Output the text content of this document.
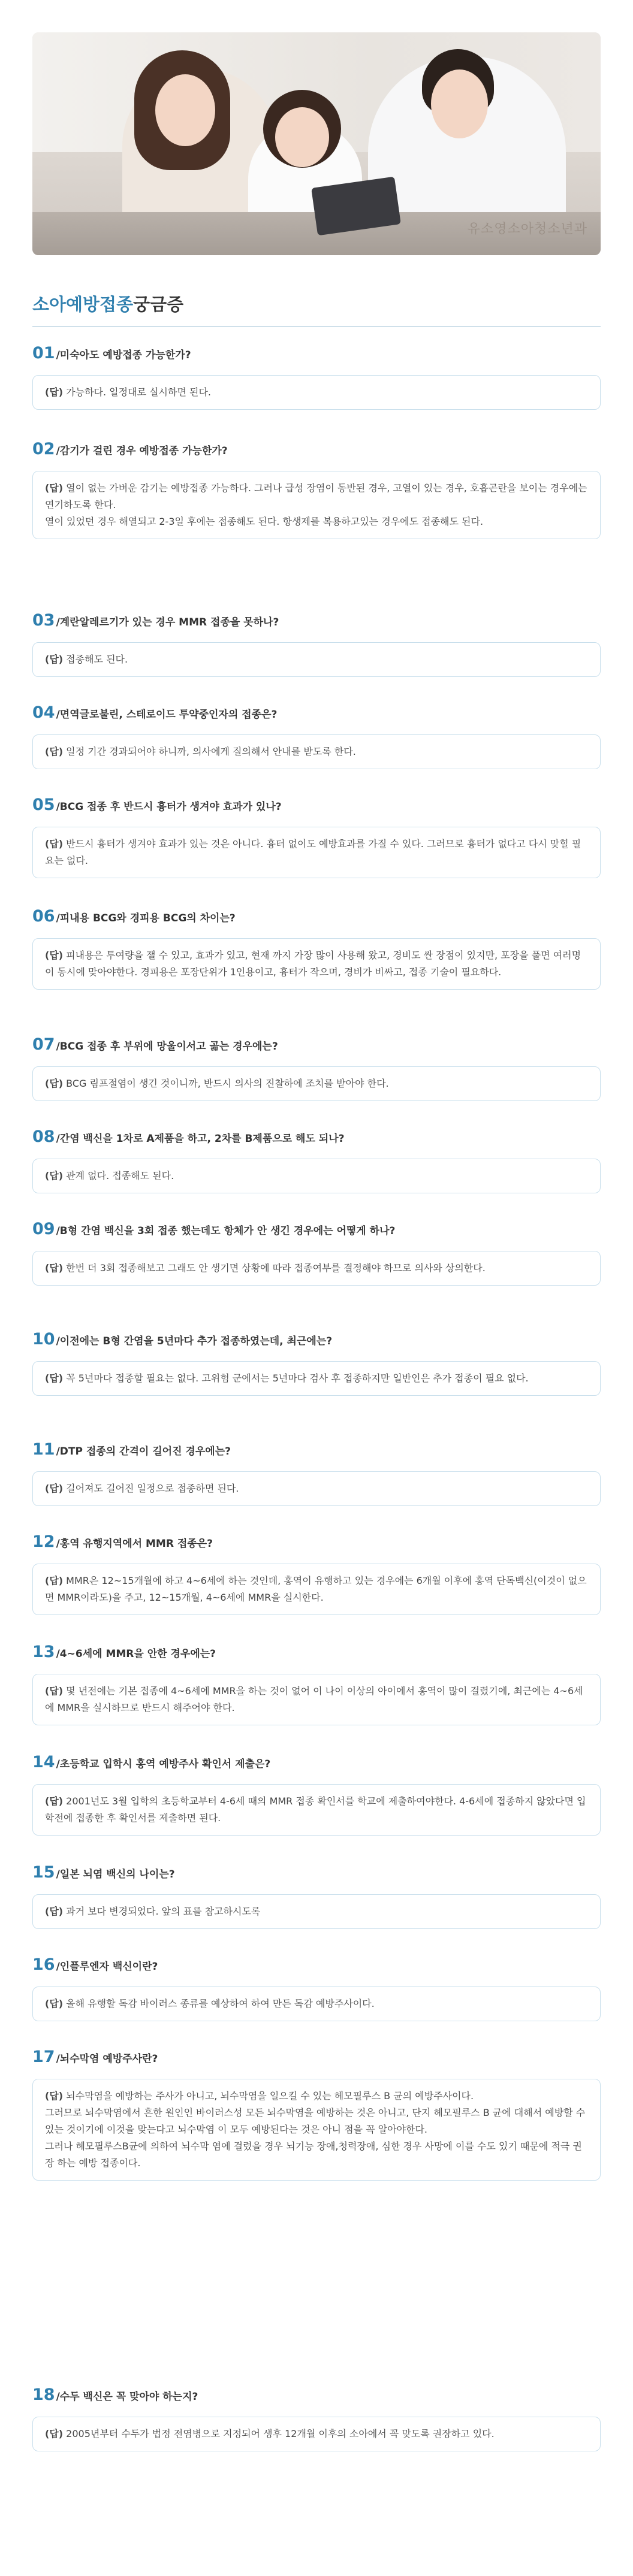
유소영소아청소년과
소아예방접종궁금증
01 /미숙아도 예방접종 가능한가?
(답) 가능하다. 일정대로 실시하면 된다.
02 /감기가 걸린 경우 예방접종 가능한가?
(답) 열이 없는 가벼운 감기는 예방접종 가능하다. 그러나 급성 장염이 동반된 경우, 고열이 있는 경우, 호흡곤란을 보이는 경우에는 연기하도록 한다.
열이 있었던 경우 해열되고 2-3일 후에는 접종해도 된다. 항생제를 복용하고있는 경우에도 접종해도 된다.
03 /계란알레르기가 있는 경우 MMR 접종을 못하나?
(답) 접종해도 된다.
04 /면역글로불린, 스테로이드 투약중인자의 접종은?
(답) 일정 기간 경과되어야 하니까, 의사에게 질의해서 안내를 받도록 한다.
05 /BCG 접종 후 반드시 흉터가 생겨야 효과가 있나?
(답) 반드시 흉터가 생겨야 효과가 있는 것은 아니다. 흉터 없이도 예방효과를 가질 수 있다. 그러므로 흉터가 없다고 다시 맞힐 필요는 없다.
06 /피내용 BCG와 경피용 BCG의 차이는?
(답) 피내용은 투여량을 잴 수 있고, 효과가 있고, 현재 까지 가장 많이 사용해 왔고, 경비도 싼 장점이 있지만, 포장을 풀면 여러명이 동시에 맞아야한다. 경피용은 포장단위가 1인용이고, 흉터가 작으며, 경비가 비싸고, 접종 기술이 필요하다.
07 /BCG 접종 후 부위에 망울이서고 곪는 경우에는?
(답) BCG 림프절염이 생긴 것이니까, 반드시 의사의 진찰하에 조치를 받아야 한다.
08 /간염 백신을 1차로 A제품을 하고, 2차를 B제품으로 해도 되나?
(답) 관계 없다. 접종해도 된다.
09 /B형 간염 백신을 3회 접종 했는데도 항체가 안 생긴 경우에는 어떻게 하나?
(답) 한번 더 3회 접종해보고 그래도 안 생기면 상황에 따라 접종여부를 결정해야 하므로 의사와 상의한다.
10 /이전에는 B형 간염을 5년마다 추가 접종하였는데, 최근에는?
(답) 꼭 5년마다 접종할 필요는 없다. 고위험 군에서는 5년마다 검사 후 접종하지만 일반인은 추가 접종이 필요 없다.
11 /DTP 접종의 간격이 길어진 경우에는?
(답) 길어져도 길어진 일정으로 접종하면 된다.
12 /홍역 유행지역에서 MMR 접종은?
(답) MMR은 12~15개월에 하고 4~6세에 하는 것인데, 홍역이 유행하고 있는 경우에는 6개월 이후에 홍역 단독백신(이것이 없으면 MMR이라도)을 주고, 12~15개월, 4~6세에 MMR을 실시한다.
13 /4~6세에 MMR을 안한 경우에는?
(답) 몇 년전에는 기본 접종에 4~6세에 MMR을 하는 것이 없어 이 나이 이상의 아이에서 홍역이 많이 걸렸기에, 최근에는 4~6세에 MMR을 실시하므로 반드시 해주어야 한다.
14 /초등학교 입학시 홍역 예방주사 확인서 제출은?
(답) 2001년도 3월 입학의 초등학교부터 4-6세 때의 MMR 접종 확인서를 학교에 제출하여야한다. 4-6세에 접종하지 않았다면 입학전에 접종한 후 확인서를 제출하면 된다.
15 /일본 뇌염 백신의 나이는?
(답) 과거 보다 변경되었다. 앞의 표를 참고하시도록
16 /인플루엔자 백신이란?
(답) 올해 유행할 독감 바이러스 종류를 예상하여 하여 만든 독감 예방주사이다.
17 /뇌수막염 예방주사란?
(답) 뇌수막염을 예방하는 주사가 아니고, 뇌수막염을 일으킬 수 있는 헤모필루스 B 균의 예방주사이다.
그러므로 뇌수막염에서 흔한 원인인 바이러스성 모든 뇌수막염을 예방하는 것은 아니고, 단지 헤모필루스 B 균에 대해서 예방할 수 있는 것이기에 이것을 맞는다고 뇌수막염 이 모두 예방된다는 것은 아니 점을 꼭 알아야한다.
그러나 헤모필루스B균에 의하여 뇌수막 염에 걸렸을 경우 뇌기능 장애,청력장애, 심한 경우 사망에 이를 수도 있기 때문에 적극 권장 하는 예방 접종이다.
18 /수두 백신은 꼭 맞아야 하는지?
(답) 2005년부터 수두가 법정 전염병으로 지정되어 생후 12개월 이후의 소아에서 꼭 맞도록 권장하고 있다.
